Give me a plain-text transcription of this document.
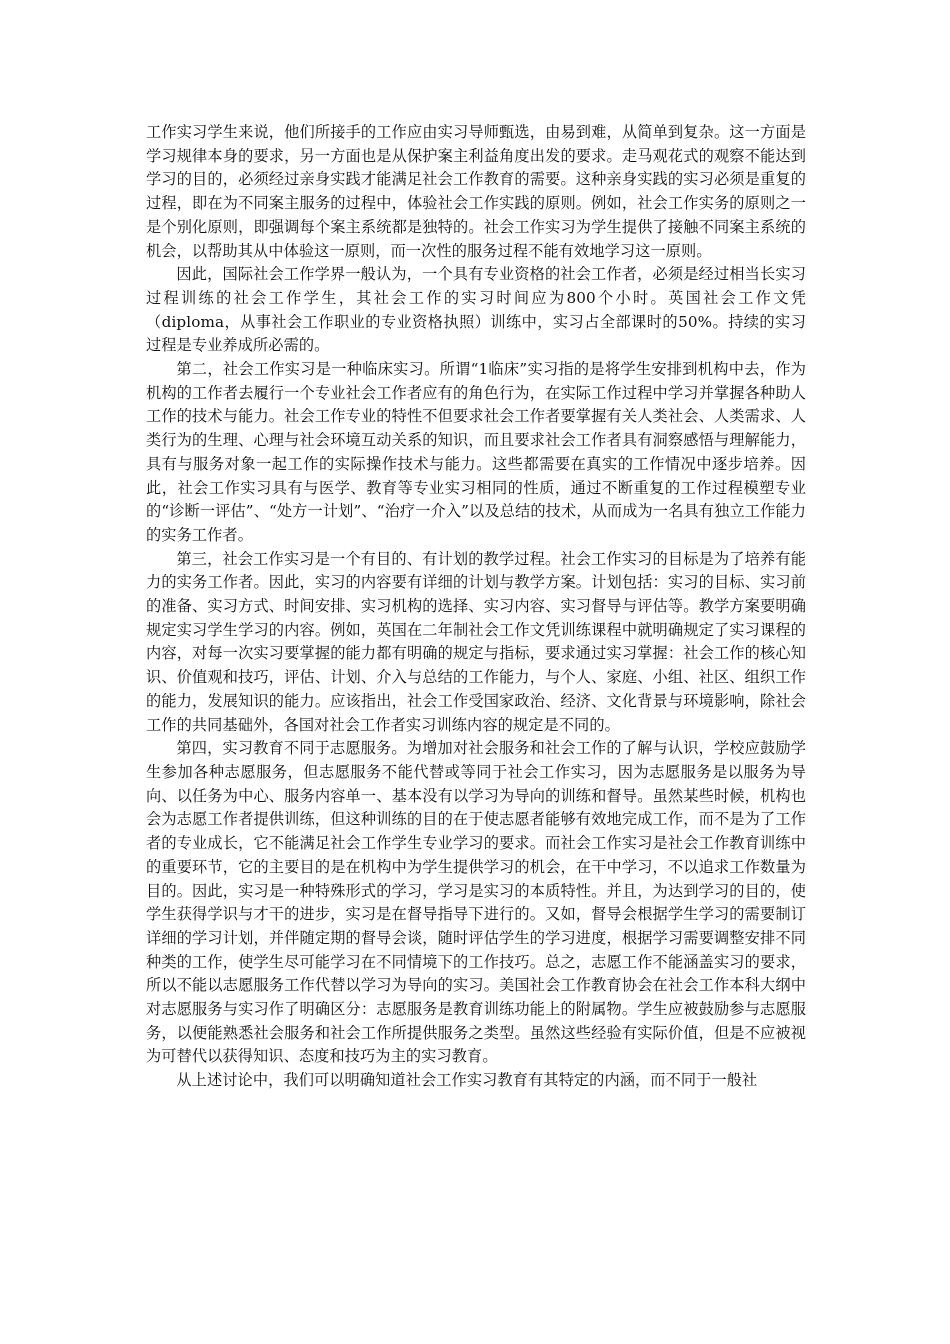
工作实习学生来说，他们所接手的工作应由实习导师甄选，由易到难，从简单到复杂。这一方面是学习规律本身的要求，另一方面也是从保护案主利益角度出发的要求。走马观花式的观察不能达到学习的目的，必须经过亲身实践才能满足社会工作教育的需要。这种亲身实践的实习必须是重复的过程，即在为不同案主服务的过程中，体验社会工作实践的原则。例如，社会工作实务的原则之一是个别化原则，即强调每个案主系统都是独特的。社会工作实习为学生提供了接触不同案主系统的机会，以帮助其从中体验这一原则，而一次性的服务过程不能有效地学习这一原则。

因此，国际社会工作学界一般认为，一个具有专业资格的社会工作者，必须是经过相当长实习过程训练的社会工作学生，其社会工作的实习时间应为800个小时。英国社会工作文凭（diploma，从事社会工作职业的专业资格执照）训练中，实习占全部课时的50%。持续的实习过程是专业养成所必需的。

第二，社会工作实习是一种临床实习。所谓“1临床”实习指的是将学生安排到机构中去，作为机构的工作者去履行一个专业社会工作者应有的角色行为，在实际工作过程中学习并掌握各种助人工作的技术与能力。社会工作专业的特性不但要求社会工作者要掌握有关人类社会、人类需求、人类行为的生理、心理与社会环境互动关系的知识，而且要求社会工作者具有洞察感悟与理解能力，具有与服务对象一起工作的实际操作技术与能力。这些都需要在真实的工作情况中逐步培养。因此，社会工作实习具有与医学、教育等专业实习相同的性质，通过不断重复的工作过程模塑专业的“诊断一评估”、“处方一计划”、“治疗一介入”以及总结的技术，从而成为一名具有独立工作能力的实务工作者。

第三，社会工作实习是一个有目的、有计划的教学过程。社会工作实习的目标是为了培养有能力的实务工作者。因此，实习的内容要有详细的计划与教学方案。计划包括：实习的目标、实习前的准备、实习方式、时间安排、实习机构的选择、实习内容、实习督导与评估等。教学方案要明确规定实习学生学习的内容。例如，英国在二年制社会工作文凭训练课程中就明确规定了实习课程的内容，对每一次实习要掌握的能力都有明确的规定与指标，要求通过实习掌握：社会工作的核心知识、价值观和技巧，评估、计划、介入与总结的工作能力，与个人、家庭、小组、社区、组织工作的能力，发展知识的能力。应该指出，社会工作受国家政治、经济、文化背景与环境影响，除社会工作的共同基础外，各国对社会工作者实习训练内容的规定是不同的。

第四，实习教育不同于志愿服务。为增加对社会服务和社会工作的了解与认识，学校应鼓励学生参加各种志愿服务，但志愿服务不能代替或等同于社会工作实习，因为志愿服务是以服务为导向、以任务为中心、服务内容单一、基本没有以学习为导向的训练和督导。虽然某些时候，机构也会为志愿工作者提供训练，但这种训练的目的在于使志愿者能够有效地完成工作，而不是为了工作者的专业成长，它不能满足社会工作学生专业学习的要求。而社会工作实习是社会工作教育训练中的重要环节，它的主要目的是在机构中为学生提供学习的机会，在干中学习，不以追求工作数量为目的。因此，实习是一种特殊形式的学习，学习是实习的本质特性。并且，为达到学习的目的，使学生获得学识与才干的进步，实习是在督导指导下进行的。又如，督导会根据学生学习的需要制订详细的学习计划，并伴随定期的督导会谈，随时评估学生的学习进度，根据学习需要调整安排不同种类的工作，使学生尽可能学习在不同情境下的工作技巧。总之，志愿工作不能涵盖实习的要求，所以不能以志愿服务工作代替以学习为导向的实习。美国社会工作教育协会在社会工作本科大纲中对志愿服务与实习作了明确区分：志愿服务是教育训练功能上的附属物。学生应被鼓励参与志愿服务，以便能熟悉社会服务和社会工作所提供服务之类型。虽然这些经验有实际价值，但是不应被视为可替代以获得知识、态度和技巧为主的实习教育。

从上述讨论中，我们可以明确知道社会工作实习教育有其特定的内涵，而不同于一般社
